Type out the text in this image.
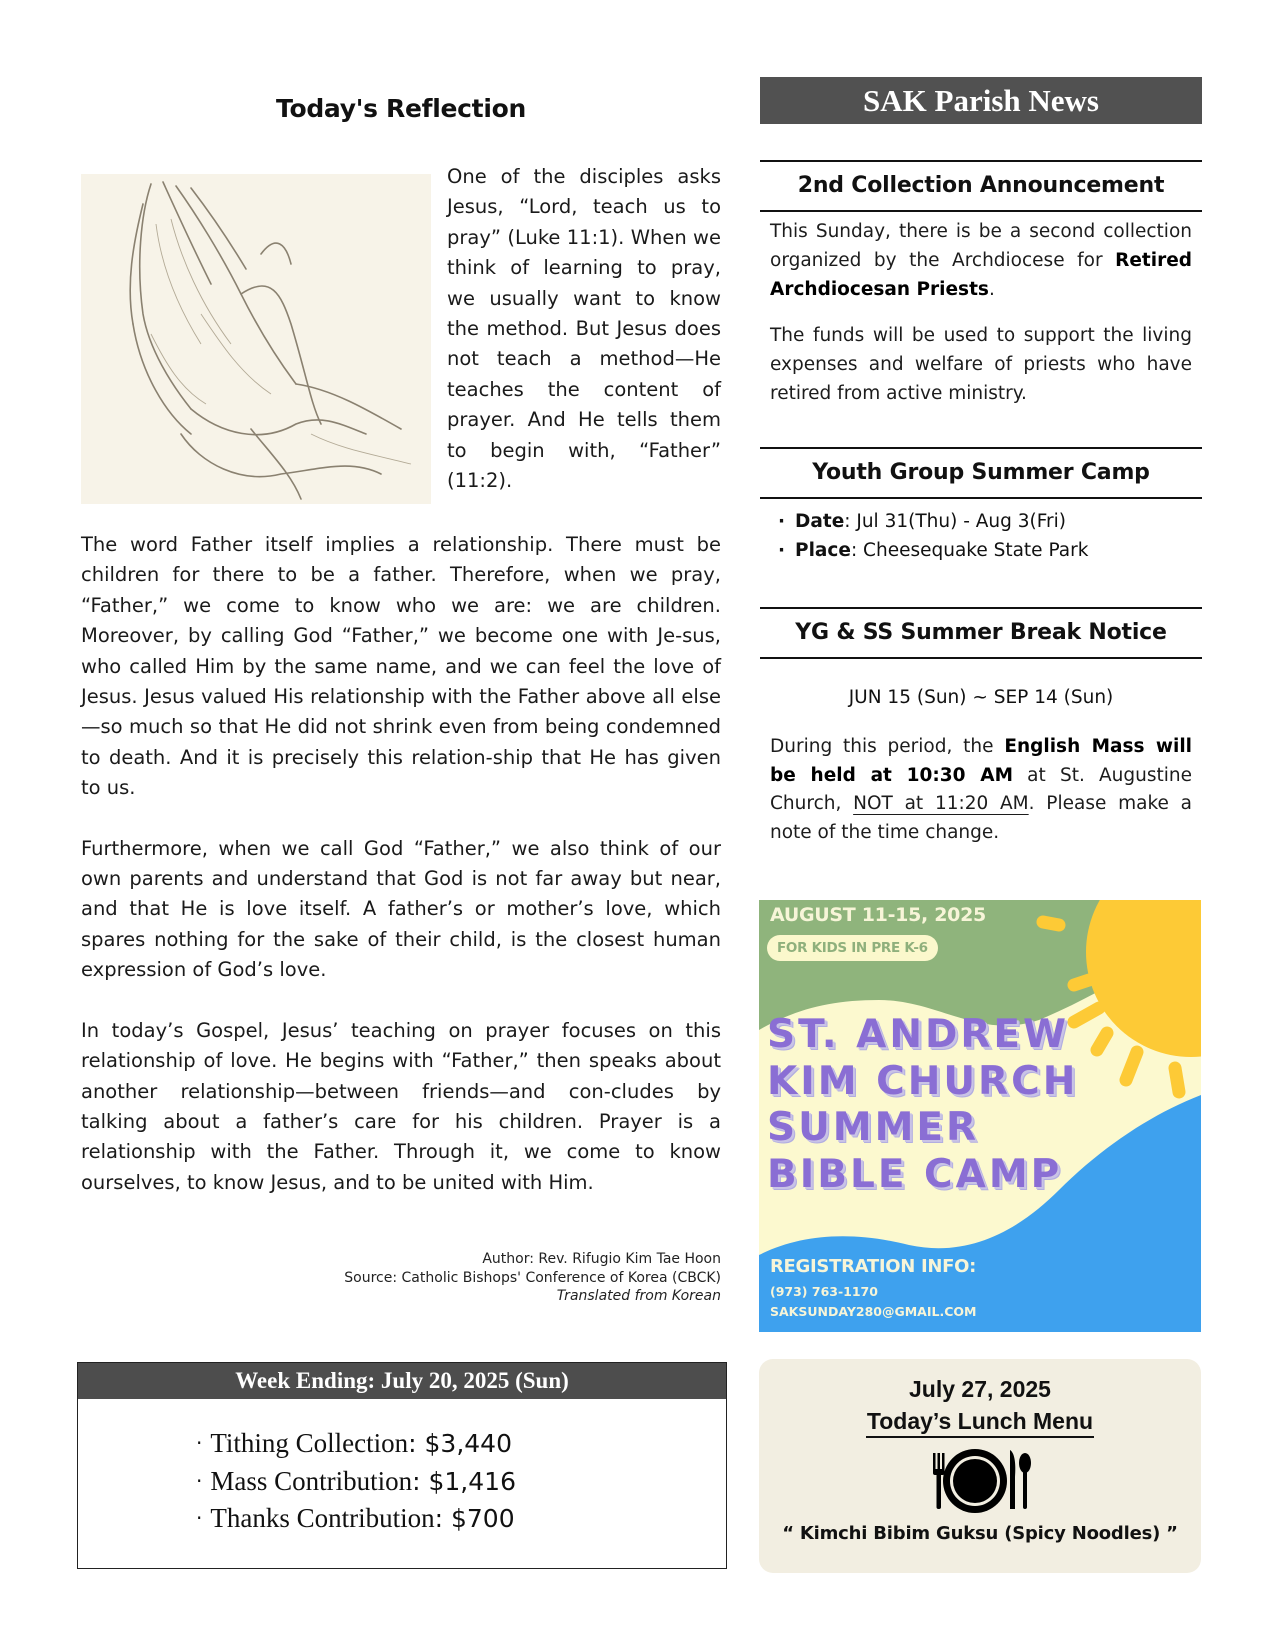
Today's Reflection

One of the disciples asks Jesus, “Lord, teach us to pray” (Luke 11:1). When we think of learning to pray, we usually want to know the method. But Jesus does not teach a method—He teaches the content of prayer. And He tells them to begin with, “Father” (11:2).

The word Father itself implies a relationship. There must be children for there to be a father. Therefore, when we pray, “Father,” we come to know who we are: we are children. Moreover, by calling God “Father,” we become one with Je-sus, who called Him by the same name, and we can feel the love of Jesus. Jesus valued His relationship with the Father above all else—so much so that He did not shrink even from being condemned to death. And it is precisely this relation-ship that He has given to us.

Furthermore, when we call God “Father,” we also think of our own parents and understand that God is not far away but near, and that He is love itself. A father’s or mother’s love, which spares nothing for the sake of their child, is the closest human expression of God’s love.

In today’s Gospel, Jesus’ teaching on prayer focuses on this relationship of love. He begins with “Father,” then speaks about another relationship—between friends—and con-cludes by talking about a father’s care for his children. Prayer is a relationship with the Father. Through it, we come to know ourselves, to know Jesus, and to be united with Him.

Author: Rev. Rifugio Kim Tae Hoon
Source: Catholic Bishops' Conference of Korea (CBCK)
Translated from Korean
Week Ending: July 20, 2025 (Sun)
· Tithing Collection: $3,440
· Mass Contribution: $1,416
· Thanks Contribution: $700
SAK Parish News
2nd Collection Announcement

This Sunday, there is be a second collection organized by the Archdiocese for Retired Archdiocesan Priests.

The funds will be used to support the living expenses and welfare of priests who have retired from active ministry.

Youth Group Summer Camp
· Date: Jul 31(Thu) - Aug 3(Fri)
· Place: Cheesequake State Park
YG & SS Summer Break Notice
JUN 15 (Sun) ~ SEP 14 (Sun)

During this period, the English Mass will be held at 10:30 AM at St. Augustine Church, NOT at 11:20 AM. Please make a note of the time change.

AUGUST 11-15, 2025
FOR KIDS IN PRE K-6
ST. ANDREW
KIM CHURCH
SUMMER
BIBLE CAMP
REGISTRATION INFO:
(973) 763-1170
SAKSUNDAY280@GMAIL.COM
July 27, 2025
Today’s Lunch Menu
“ Kimchi Bibim Guksu (Spicy Noodles) ”
